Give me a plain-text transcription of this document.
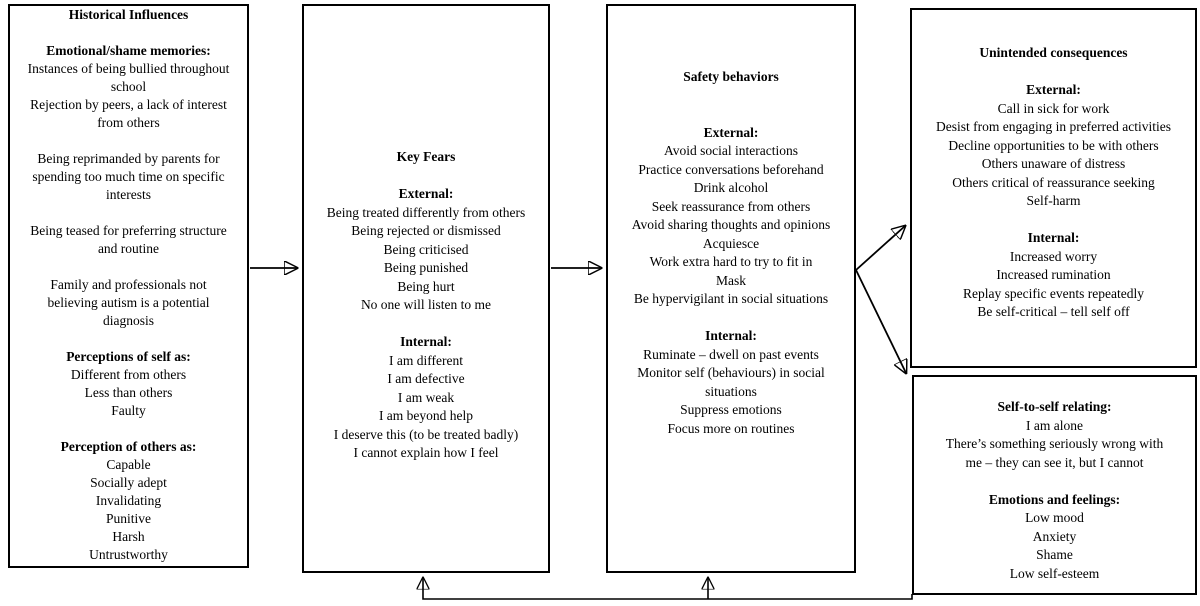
Historical Influences
Emotional/shame memories:
Instances of being bullied throughout
school
Rejection by peers, a lack of interest
from others
Being reprimanded by parents for
spending too much time on specific
interests
Being teased for preferring structure
and routine
Family and professionals not
believing autism is a potential
diagnosis
Perceptions of self as:
Different from others
Less than others
Faulty
Perception of others as:
Capable
Socially adept
Invalidating
Punitive
Harsh
Untrustworthy
Key Fears
External:
Being treated differently from others
Being rejected or dismissed
Being criticised
Being punished
Being hurt
No one will listen to me
Internal:
I am different
I am defective
I am weak
I am beyond help
I deserve this (to be treated badly)
I cannot explain how I feel
Safety behaviors
External:
Avoid social interactions
Practice conversations beforehand
Drink alcohol
Seek reassurance from others
Avoid sharing thoughts and opinions
Acquiesce
Work extra hard to try to fit in
Mask
Be hypervigilant in social situations
Internal:
Ruminate – dwell on past events
Monitor self (behaviours) in social
situations
Suppress emotions
Focus more on routines
Unintended consequences
External:
Call in sick for work
Desist from engaging in preferred activities
Decline opportunities to be with others
Others unaware of distress
Others critical of reassurance seeking
Self-harm
Internal:
Increased worry
Increased rumination
Replay specific events repeatedly
Be self-critical – tell self off
Self-to-self relating:
I am alone
There’s something seriously wrong with
me – they can see it, but I cannot
Emotions and feelings:
Low mood
Anxiety
Shame
Low self-esteem
